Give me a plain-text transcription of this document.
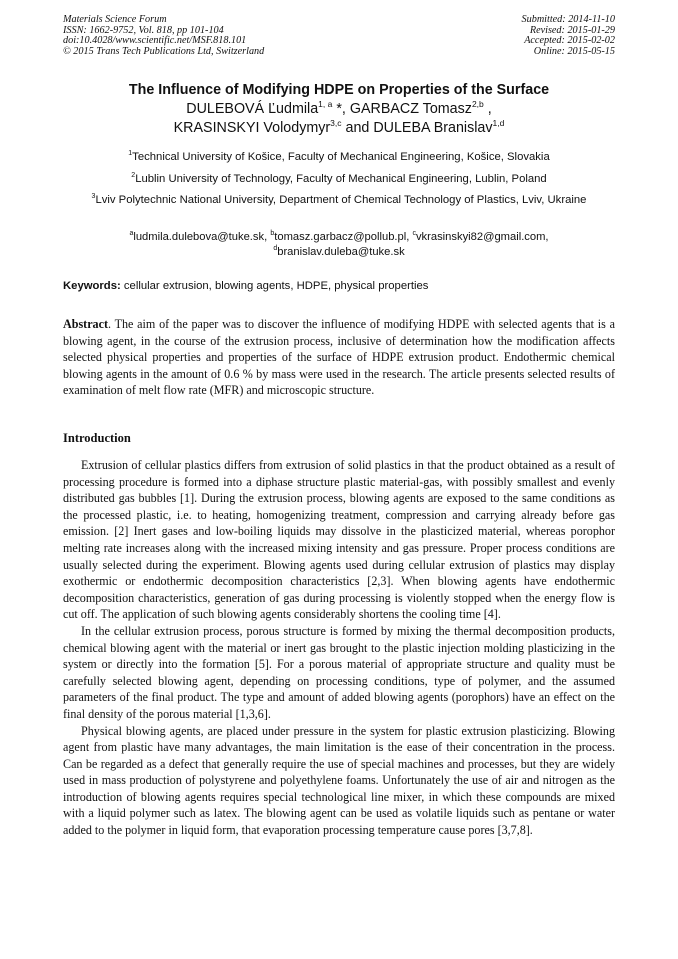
Materials Science Forum
ISSN: 1662-9752, Vol. 818, pp 101-104
doi:10.4028/www.scientific.net/MSF.818.101
© 2015 Trans Tech Publications Ltd, Switzerland
Submitted: 2014-11-10
Revised: 2015-01-29
Accepted: 2015-02-02
Online: 2015-05-15
The Influence of Modifying HDPE on Properties of the Surface
DULEBOVÁ Ľudmila$^{1, a}$ *, GARBACZ Tomasz$^{2,b}$ ,
KRASINSKYI Volodymyr$^{3,c}$ and DULEBA Branislav$^{1,d}$
$^1$Technical University of Košice, Faculty of Mechanical Engineering, Košice, Slovakia
$^2$Lublin University of Technology, Faculty of Mechanical Engineering, Lublin, Poland
$^3$Lviv Polytechnic National University, Department of Chemical Technology of Plastics, Lviv, Ukraine
$^a$ludmila.dulebova@tuke.sk, $^b$tomasz.garbacz@pollub.pl, $^c$vkrasinskyi82@gmail.com,
$^d$branislav.duleba@tuke.sk
Keywords: cellular extrusion, blowing agents, HDPE, physical properties

Abstract. The aim of the paper was to discover the influence of modifying HDPE with selected agents that is a blowing agent, in the course of the extrusion process, inclusive of determination how the modification affects selected physical properties and properties of the surface of HDPE extrusion product. Endothermic chemical blowing agents in the amount of 0.6 % by mass were used in the research. The article presents selected results of examination of melt flow rate (MFR) and microscopic structure.

Introduction

Extrusion of cellular plastics differs from extrusion of solid plastics in that the product obtained as a result of processing procedure is formed into a diphase structure plastic material-gas, with possibly smallest and evenly distributed gas bubbles [1]. During the extrusion process, blowing agents are exposed to the same conditions as the processed plastic, i.e. to heating, homogenizing treatment, compression and carrying already before gas emission. [2] Inert gases and low-boiling liquids may dissolve in the plasticized material, whereas porophor melting rate increases along with the increased mixing intensity and gas pressure. Proper process conditions are usually selected during the experiment. Blowing agents used during cellular extrusion of plastics may display exothermic or endothermic decomposition characteristics [2,3]. When blowing agents have endothermic decomposition characteristics, generation of gas during processing is violently stopped when the energy flow is cut off. The application of such blowing agents considerably shortens the cooling time [4].

In the cellular extrusion process, porous structure is formed by mixing the thermal decomposition products, chemical blowing agent with the material or inert gas brought to the plastic injection molding plasticizing in the system or directly into the formation [5]. For a porous material of appropriate structure and quality must be carefully selected blowing agent, depending on processing conditions, type of polymer, and the assumed parameters of the final product. The type and amount of added blowing agents (porophors) have an effect on the final density of the porous material [1,3,6].

Physical blowing agents, are placed under pressure in the system for plastic extrusion plasticizing. Blowing agent from plastic have many advantages, the main limitation is the ease of their concentration in the process. Can be regarded as a defect that generally require the use of special machines and processes, but they are widely used in mass production of polystyrene and polyethylene foams. Unfortunately the use of air and nitrogen as the introduction of blowing agents requires special technological line mixer, in which these compounds are mixed with a liquid polymer such as latex. The blowing agent can be used as volatile liquids such as pentane or water added to the polymer in liquid form, that evaporation processing temperature cause pores [3,7,8].
